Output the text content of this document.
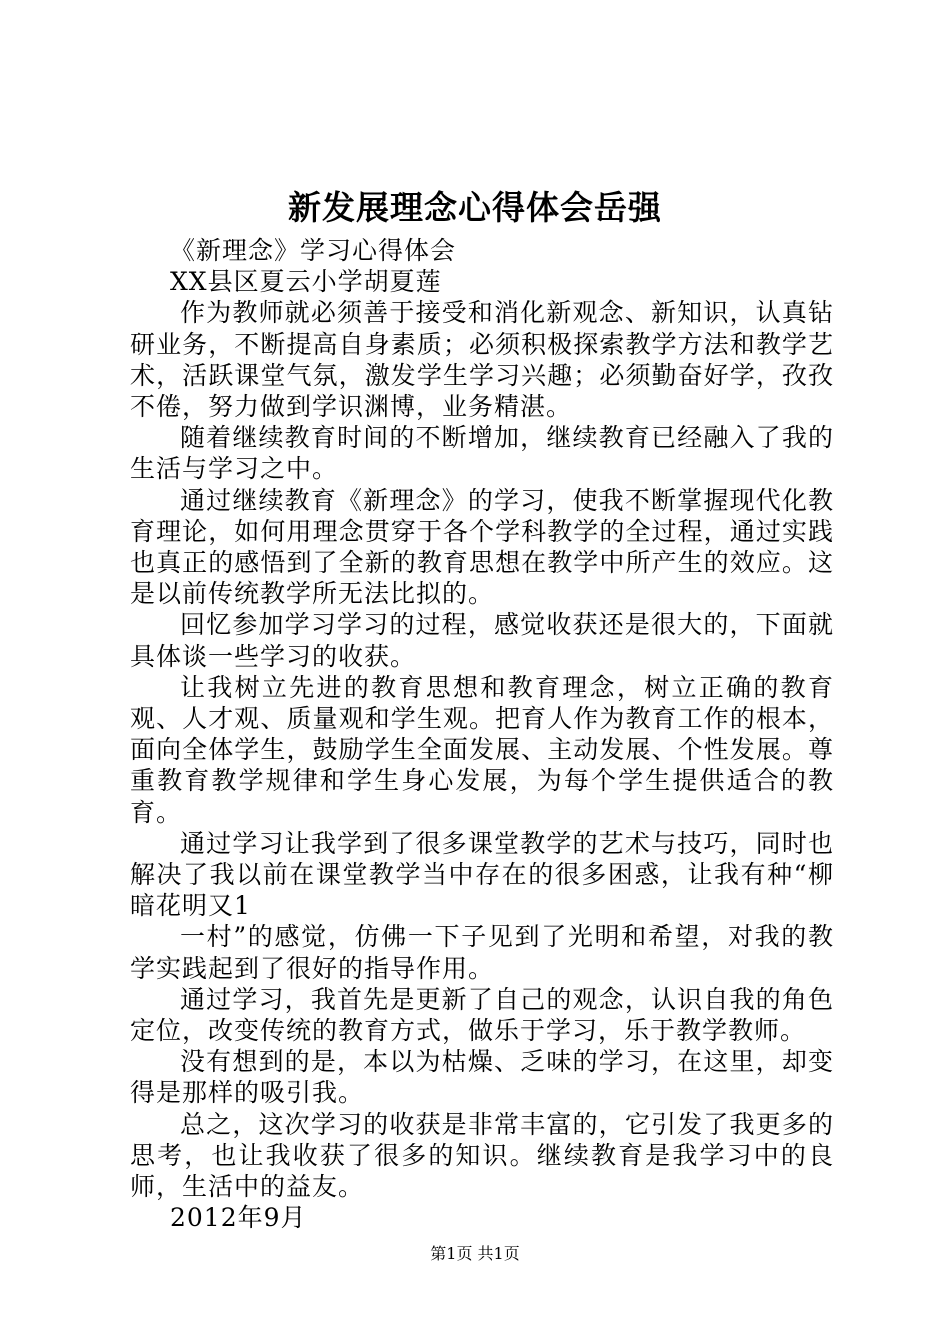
新发展理念心得体会岳强

《新理念》学习心得体会

XX县区夏云小学胡夏莲

作为教师就必须善于接受和消化新观念、新知识，认真钻研业务，不断提高自身素质；必须积极探索教学方法和教学艺术，活跃课堂气氛，激发学生学习兴趣；必须勤奋好学，孜孜不倦，努力做到学识渊博，业务精湛。

随着继续教育时间的不断增加，继续教育已经融入了我的生活与学习之中。

通过继续教育《新理念》的学习，使我不断掌握现代化教育理论，如何用理念贯穿于各个学科教学的全过程，通过实践也真正的感悟到了全新的教育思想在教学中所产生的效应。这是以前传统教学所无法比拟的。

回忆参加学习学习的过程，感觉收获还是很大的，下面就具体谈一些学习的收获。

让我树立先进的教育思想和教育理念，树立正确的教育观、人才观、质量观和学生观。把育人作为教育工作的根本，面向全体学生，鼓励学生全面发展、主动发展、个性发展。尊重教育教学规律和学生身心发展，为每个学生提供适合的教育。

通过学习让我学到了很多课堂教学的艺术与技巧，同时也解决了我以前在课堂教学当中存在的很多困惑，让我有种“柳暗花明又1

一村”的感觉，仿佛一下子见到了光明和希望，对我的教学实践起到了很好的指导作用。

通过学习，我首先是更新了自己的观念，认识自我的角色定位，改变传统的教育方式，做乐于学习，乐于教学教师。

没有想到的是，本以为枯燥、乏味的学习，在这里，却变得是那样的吸引我。

总之，这次学习的收获是非常丰富的，它引发了我更多的思考，也让我收获了很多的知识。继续教育是我学习中的良师，生活中的益友。

2012年9月

第1页 共1页
